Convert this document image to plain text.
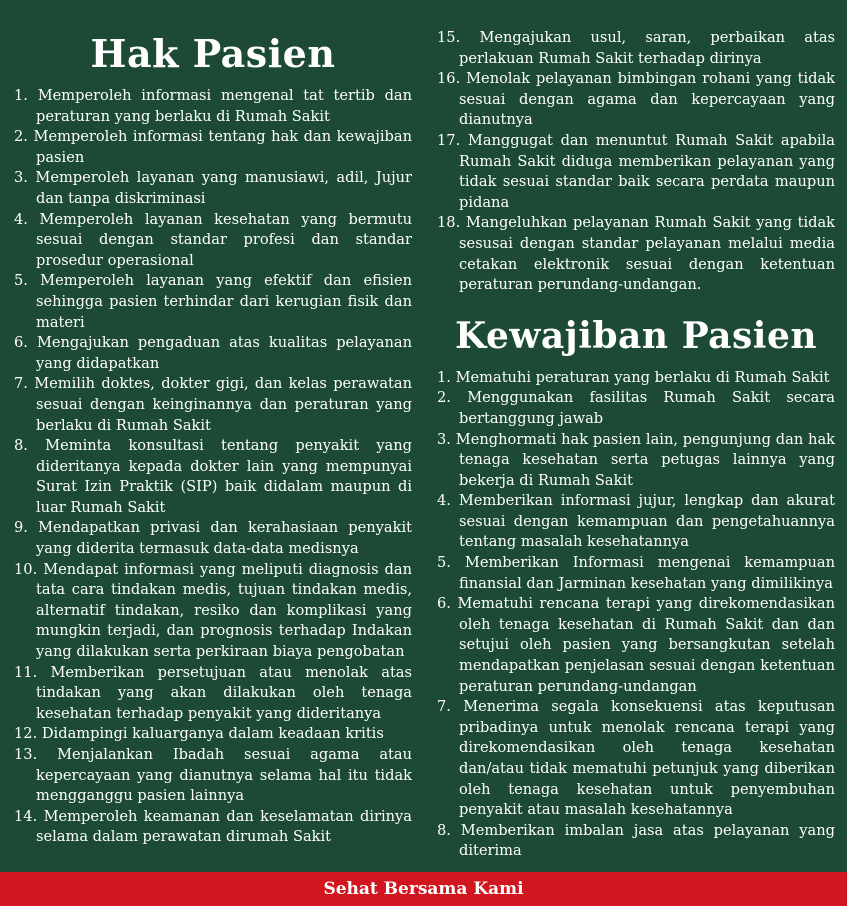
Hak Pasien
1. Memperoleh informasi mengenal tat tertib dan peraturan yang berlaku di Rumah Sakit
2. Memperoleh informasi tentang hak dan kewajiban pasien
3. Memperoleh layanan yang manusiawi, adil, Jujur dan tanpa diskriminasi
4. Memperoleh layanan kesehatan yang bermutu sesuai dengan standar profesi dan standar prosedur operasional
5. Memperoleh layanan yang efektif dan efisien sehingga pasien terhindar dari kerugian fisik dan materi
6. Mengajukan pengaduan atas kualitas pelayanan yang didapatkan
7. Memilih doktes, dokter gigi, dan kelas perawatan sesuai dengan keinginannya dan peraturan yang berlaku di Rumah Sakit
8. Meminta konsultasi tentang penyakit yang dideritanya kepada dokter lain yang mempunyai Surat Izin Praktik (SIP) baik didalam maupun di luar Rumah Sakit
9. Mendapatkan privasi dan kerahasiaan penyakit yang diderita termasuk data-data medisnya
10. Mendapat informasi yang meliputi diagnosis dan tata cara tindakan medis, tujuan tindakan medis, alternatif tindakan, resiko dan komplikasi yang mungkin terjadi, dan prognosis terhadap Indakan yang dilakukan serta perkiraan biaya pengobatan
11. Memberikan persetujuan atau menolak atas tindakan yang akan dilakukan oleh tenaga kesehatan terhadap penyakit yang dideritanya
12. Didampingi kaluarganya dalam keadaan kritis
13. Menjalankan Ibadah sesuai agama atau kepercayaan yang dianutnya selama hal itu tidak mengganggu pasien lainnya
14. Memperoleh keamanan dan keselamatan dirinya selama dalam perawatan dirumah Sakit
15. Mengajukan usul, saran, perbaikan atas perlakuan Rumah Sakit terhadap dirinya
16. Menolak pelayanan bimbingan rohani yang tidak sesuai dengan agama dan kepercayaan yang dianutnya
17. Manggugat dan menuntut Rumah Sakit apabila Rumah Sakit diduga memberikan pelayanan yang tidak sesuai standar baik secara perdata maupun pidana
18. Mangeluhkan pelayanan Rumah Sakit yang tidak sesusai dengan standar pelayanan melalui media cetakan elektronik sesuai dengan ketentuan peraturan perundang-undangan.
Kewajiban Pasien
1. Mematuhi peraturan yang berlaku di Rumah Sakit
2. Menggunakan fasilitas Rumah Sakit secara bertanggung jawab
3. Menghormati hak pasien lain, pengunjung dan hak tenaga kesehatan serta petugas lainnya yang bekerja di Rumah Sakit
4. Memberikan informasi jujur, lengkap dan akurat sesuai dengan kemampuan dan pengetahuannya tentang masalah kesehatannya
5. Memberikan Informasi mengenai kemampuan finansial dan Jarminan kesehatan yang dimilikinya
6. Mematuhi rencana terapi yang direkomendasikan oleh tenaga kesehatan di Rumah Sakit dan dan setujui oleh pasien yang bersangkutan setelah mendapatkan penjelasan sesuai dengan ketentuan peraturan perundang-undangan
7. Menerima segala konsekuensi atas keputusan pribadinya untuk menolak rencana terapi yang direkomendasikan oleh tenaga kesehatan dan/atau tidak mematuhi petunjuk yang diberikan oleh tenaga kesehatan untuk penyembuhan penyakit atau masalah kesehatannya
8. Memberikan imbalan jasa atas pelayanan yang diterima
Sehat Bersama Kami
